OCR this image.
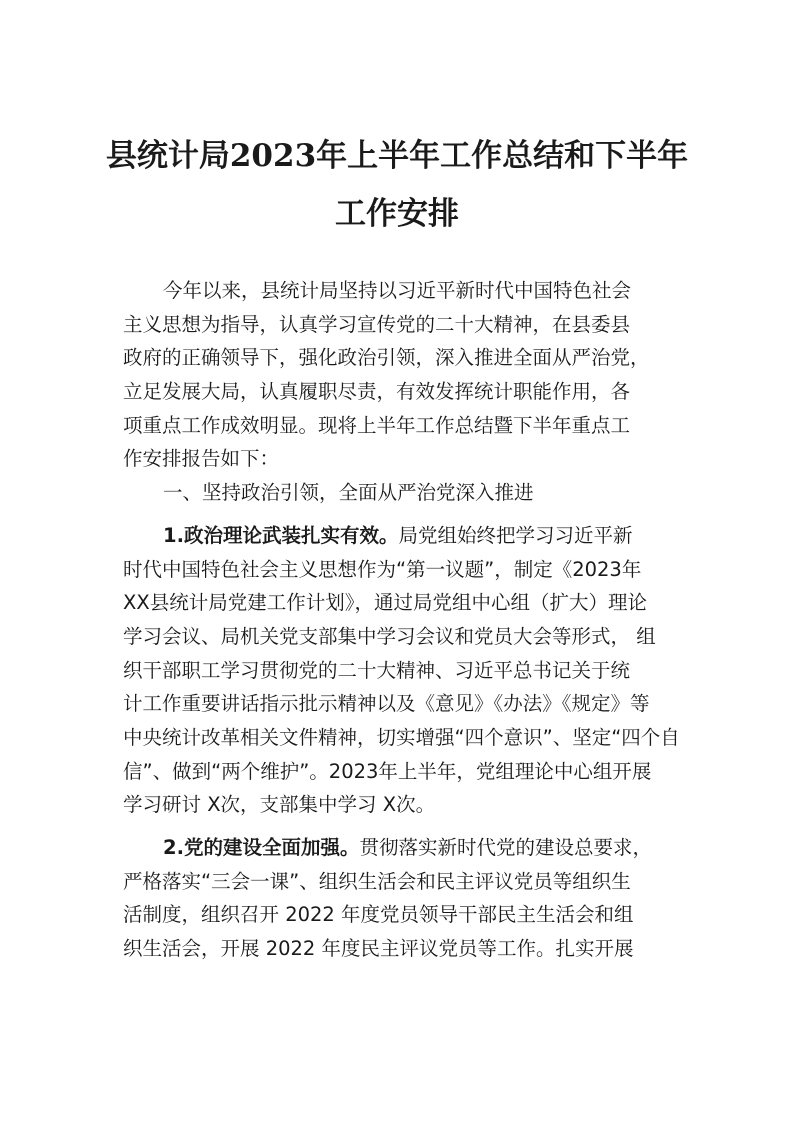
县统计局2023年上半年工作总结和下半年
工作安排
今年以来，县统计局坚持以习近平新时代中国特色社会
主义思想为指导，认真学习宣传党的二十大精神，在县委县
政府的正确领导下，强化政治引领，深入推进全面从严治党，
立足发展大局，认真履职尽责，有效发挥统计职能作用，各
项重点工作成效明显。现将上半年工作总结暨下半年重点工
作安排报告如下：
一、坚持政治引领，全面从严治党深入推进
1.政治理论武装扎实有效。局党组始终把学习习近平新
时代中国特色社会主义思想作为“第一议题”，制定《2023年
XX县统计局党建工作计划》，通过局党组中心组（扩大）理论
学习会议、局机关党支部集中学习会议和党员大会等形式， 组
织干部职工学习贯彻党的二十大精神、习近平总书记关于统
计工作重要讲话指示批示精神以及《意见》《办法》《规定》等
中央统计改革相关文件精神，切实增强“四个意识”、坚定“四个自
信”、做到“两个维护”。2023年上半年，党组理论中心组开展
学习研讨 X次，支部集中学习 X次。
2.党的建设全面加强。贯彻落实新时代党的建设总要求，
严格落实“三会一课”、组织生活会和民主评议党员等组织生
活制度，组织召开 2022 年度党员领导干部民主生活会和组
织生活会，开展 2022 年度民主评议党员等工作。扎实开展
